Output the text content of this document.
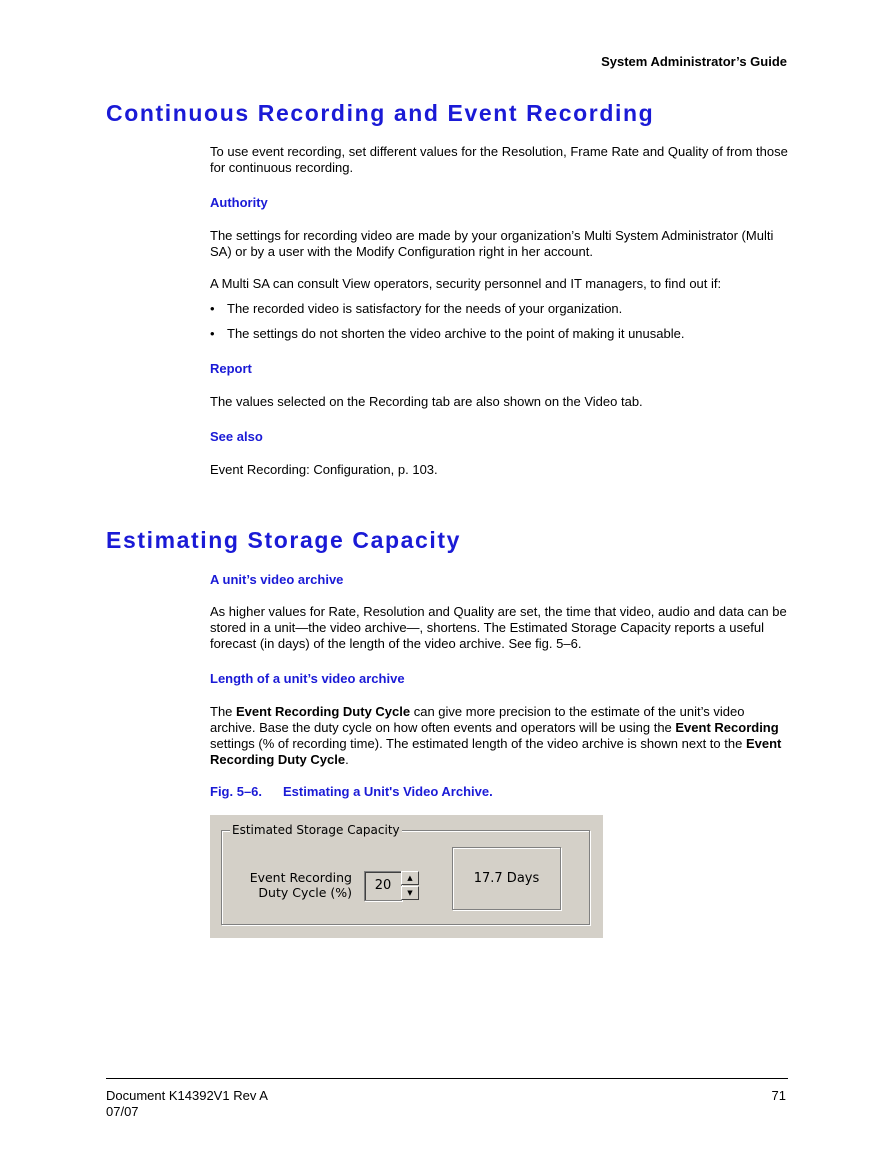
System Administrator’s Guide
Continuous Recording and Event Recording

To use event recording, set different values for the Resolution, Frame Rate and Quality of from those for continuous recording.

Authority

The settings for recording video are made by your organization’s Multi System Administrator (Multi SA) or by a user with the Modify Configuration right in her account.

A Multi SA can consult View operators, security personnel and IT managers, to find out if:

• The recorded video is satisfactory for the needs of your organization.
• The settings do not shorten the video archive to the point of making it unusable.

Report

The values selected on the Recording tab are also shown on the Video tab.

See also

Event Recording: Configuration, p. 103.

Estimating Storage Capacity

A unit’s video archive

As higher values for Rate, Resolution and Quality are set, the time that video, audio and data can be stored in a unit—the video archive—, shortens. The Estimated Storage Capacity reports a useful forecast (in days) of the length of the video archive. See fig. 5–6.

Length of a unit’s video archive

The Event Recording Duty Cycle can give more precision to the estimate of the unit’s video archive. Base the duty cycle on how often events and operators will be using the Event Recording settings (% of recording time). The estimated length of the video archive is shown next to the Event Recording Duty Cycle.

Fig. 5–6. Estimating a Unit's Video Archive.

Estimated Storage Capacity
Event Recording
Duty Cycle (%)	20	▲
▼
17.7 Days
Document K14392V1 Rev A
07/07
71
